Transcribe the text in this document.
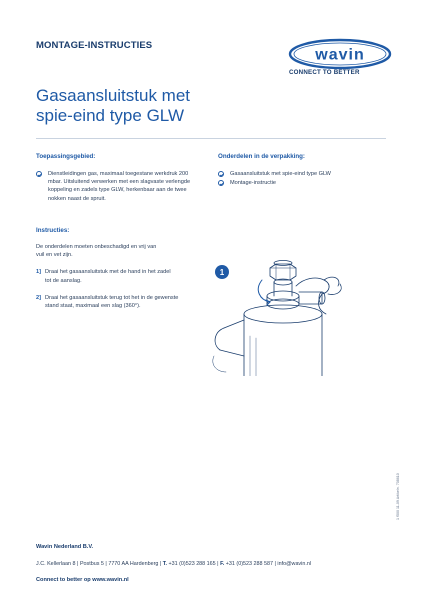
MONTAGE-INSTRUCTIES
wavin
CONNECT TO BETTER
Gasaansluitstuk met
spie-eind type GLW
Toepassingsgebied:
Dienstleidingen gas, maximaal toegestane werkdruk 200
mbar. Uitsluitend verwerken met een slagvaste verlengde
koppeling en zadels type GLW, herkenbaar aan de twee
nokken naast de spruit.
Onderdelen in de verpakking:
Gasaansluitstuk met spie-eind type GLW
Montage-instructie
Instructies:
De onderdelen moeten onbeschadigd en vrij van
vuil en vet zijn.
1] Draai het gasaansluitstuk met de hand in het zadel
tot de aanslag.
2] Draai het gasaansluitstuk terug tot het in de gewenste
stand staat, maximaal een slag (360°).
1
Wavin Nederland B.V.
J.C. Kellerlaan 8 | Postbus 5 | 7770 AA Hardenberg | T. +31 (0)523 288 165 | F. +31 (0)523 288 587 | info@wavin.nl
Connect to better op www.wavin.nl
1 f500 11-09 Artikeln. 708610
